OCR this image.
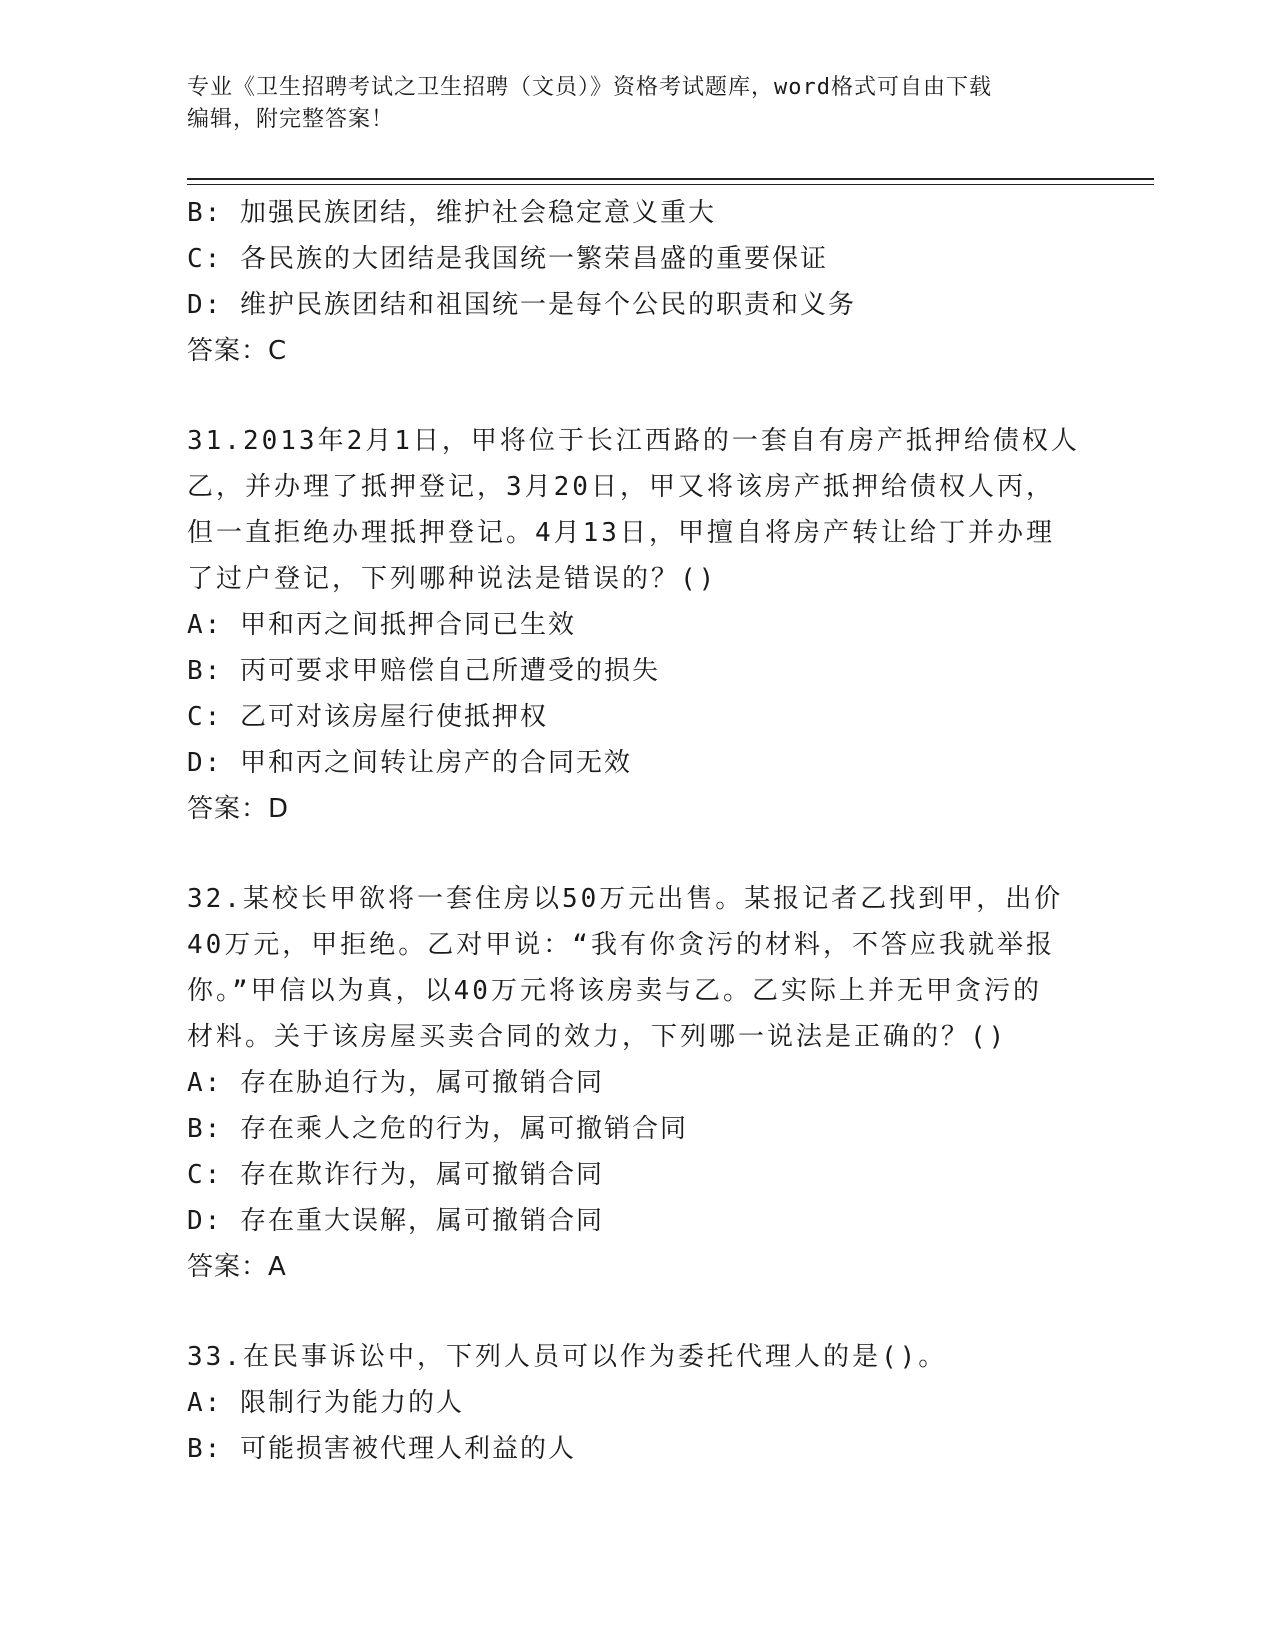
专业《卫生招聘考试之卫生招聘（文员）》资格考试题库，word格式可自由下载
编辑，附完整答案！
B: 加强民族团结，维护社会稳定意义重大
C: 各民族的大团结是我国统一繁荣昌盛的重要保证
D: 维护民族团结和祖国统一是每个公民的职责和义务
答案：C
31.2013年2月1日，甲将位于长江西路的一套自有房产抵押给债权人
乙，并办理了抵押登记，3月20日，甲又将该房产抵押给债权人丙，
但一直拒绝办理抵押登记。4月13日，甲擅自将房产转让给丁并办理
了过户登记，下列哪种说法是错误的？()
A: 甲和丙之间抵押合同已生效
B: 丙可要求甲赔偿自己所遭受的损失
C: 乙可对该房屋行使抵押权
D: 甲和丙之间转让房产的合同无效
答案：D
32.某校长甲欲将一套住房以50万元出售。某报记者乙找到甲，出价
40万元，甲拒绝。乙对甲说：“我有你贪污的材料，不答应我就举报
你。”甲信以为真，以40万元将该房卖与乙。乙实际上并无甲贪污的
材料。关于该房屋买卖合同的效力，下列哪一说法是正确的？()
A: 存在胁迫行为，属可撤销合同
B: 存在乘人之危的行为，属可撤销合同
C: 存在欺诈行为，属可撤销合同
D: 存在重大误解，属可撤销合同
答案：A
33.在民事诉讼中，下列人员可以作为委托代理人的是()。
A: 限制行为能力的人
B: 可能损害被代理人利益的人
